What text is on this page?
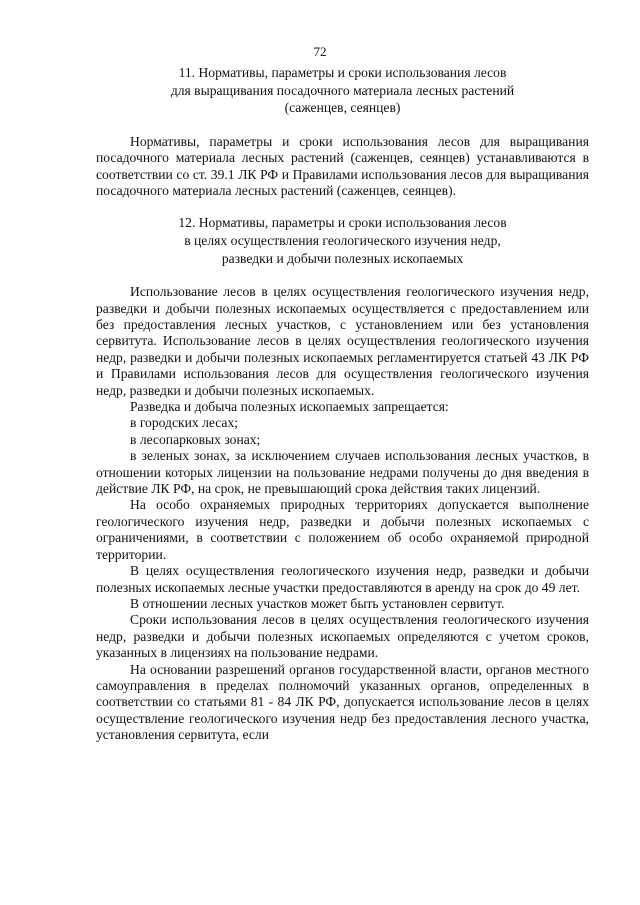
72
11. Нормативы, параметры и сроки использования лесов
для выращивания посадочного материала лесных растений
(саженцев, сеянцев)

Нормативы, параметры и сроки использования лесов для выращивания посадочного материала лесных растений (саженцев, сеянцев) устанавливаются в соответствии со ст. 39.1 ЛК РФ и Правилами использования лесов для выращивания посадочного материала лесных растений (саженцев, сеянцев).

12. Нормативы, параметры и сроки использования лесов
в целях осуществления геологического изучения недр,
разведки и добычи полезных ископаемых

Использование лесов в целях осуществления геологического изучения недр, разведки и добычи полезных ископаемых осуществляется с предоставлением или без предоставления лесных участков, с установлением или без установления сервитута. Использование лесов в целях осуществления геологического изучения недр, разведки и добычи полезных ископаемых регламентируется статьей 43 ЛК РФ и Правилами использования лесов для осуществления геологического изучения недр, разведки и добычи полезных ископаемых.

Разведка и добыча полезных ископаемых запрещается:

в городских лесах;

в лесопарковых зонах;

в зеленых зонах, за исключением случаев использования лесных участков, в отношении которых лицензии на пользование недрами получены до дня введения в действие ЛК РФ, на срок, не превышающий срока действия таких лицензий.

На особо охраняемых природных территориях допускается выполнение геологического изучения недр, разведки и добычи полезных ископаемых с ограничениями, в соответствии с положением об особо охраняемой природной территории.

В целях осуществления геологического изучения недр, разведки и добычи полезных ископаемых лесные участки предоставляются в аренду на срок до 49 лет.

В отношении лесных участков может быть установлен сервитут.

Сроки использования лесов в целях осуществления геологического изучения недр, разведки и добычи полезных ископаемых определяются с учетом сроков, указанных в лицензиях на пользование недрами.

На основании разрешений органов государственной власти, органов местного самоуправления в пределах полномочий указанных органов, определенных в соответствии со статьями 81 - 84 ЛК РФ, допускается использование лесов в целях осуществление геологического изучения недр без предоставления лесного участка, установления сервитута, если
